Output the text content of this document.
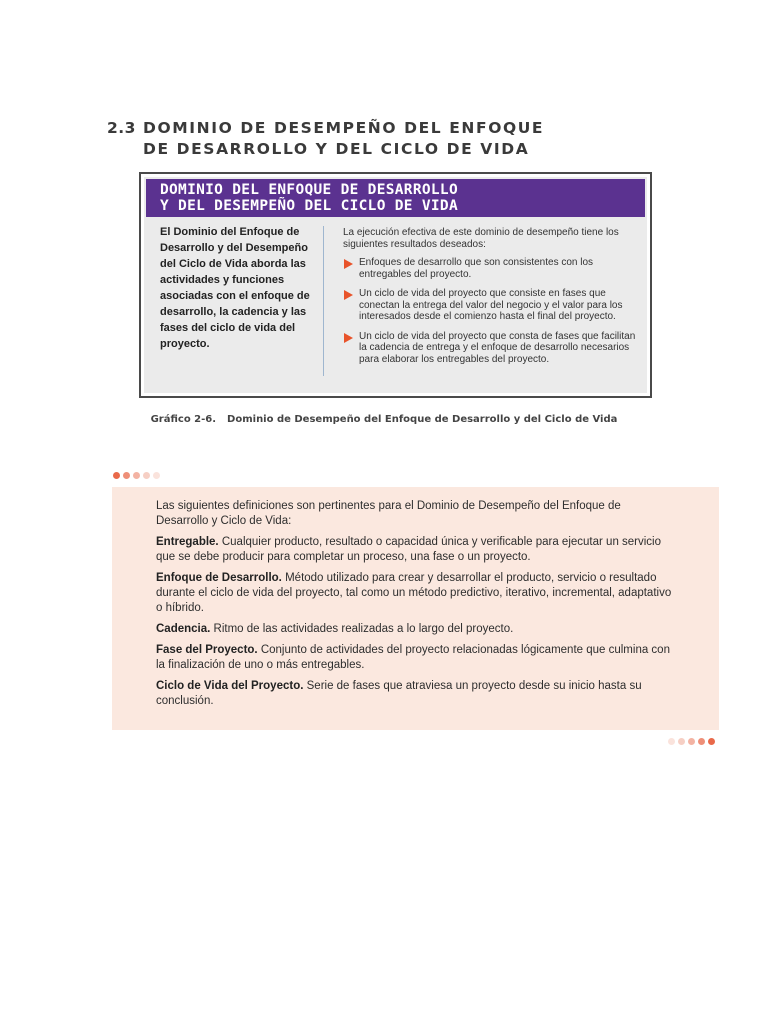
2.3 DOMINIO DE DESEMPEÑO DEL ENFOQUE
DE DESARROLLO Y DEL CICLO DE VIDA
DOMINIO DEL ENFOQUE DE DESARROLLO
Y DEL DESEMPEÑO DEL CICLO DE VIDA
El Dominio del Enfoque de Desarrollo y del Desempeño del Ciclo de Vida aborda las actividades y funciones asociadas con el enfoque de desarrollo, la cadencia y las fases del ciclo de vida del proyecto.

La ejecución efectiva de este dominio de desempeño tiene los siguientes resultados deseados:

Enfoques de desarrollo que son consistentes con los entregables del proyecto.
Un ciclo de vida del proyecto que consiste en fases que conectan la entrega del valor del negocio y el valor para los interesados desde el comienzo hasta el final del proyecto.
Un ciclo de vida del proyecto que consta de fases que facilitan la cadencia de entrega y el enfoque de desarrollo necesarios para elaborar los entregables del proyecto.
Gráfico 2-6. Dominio de Desempeño del Enfoque de Desarrollo y del Ciclo de Vida

Las siguientes definiciones son pertinentes para el Dominio de Desempeño del Enfoque de Desarrollo y Ciclo de Vida:

Entregable. Cualquier producto, resultado o capacidad única y verificable para ejecutar un servicio que se debe producir para completar un proceso, una fase o un proyecto.

Enfoque de Desarrollo. Método utilizado para crear y desarrollar el producto, servicio o resultado durante el ciclo de vida del proyecto, tal como un método predictivo, iterativo, incremental, adaptativo o híbrido.

Cadencia. Ritmo de las actividades realizadas a lo largo del proyecto.

Fase del Proyecto. Conjunto de actividades del proyecto relacionadas lógicamente que culmina con la finalización de uno o más entregables.

Ciclo de Vida del Proyecto. Serie de fases que atraviesa un proyecto desde su inicio hasta su conclusión.
